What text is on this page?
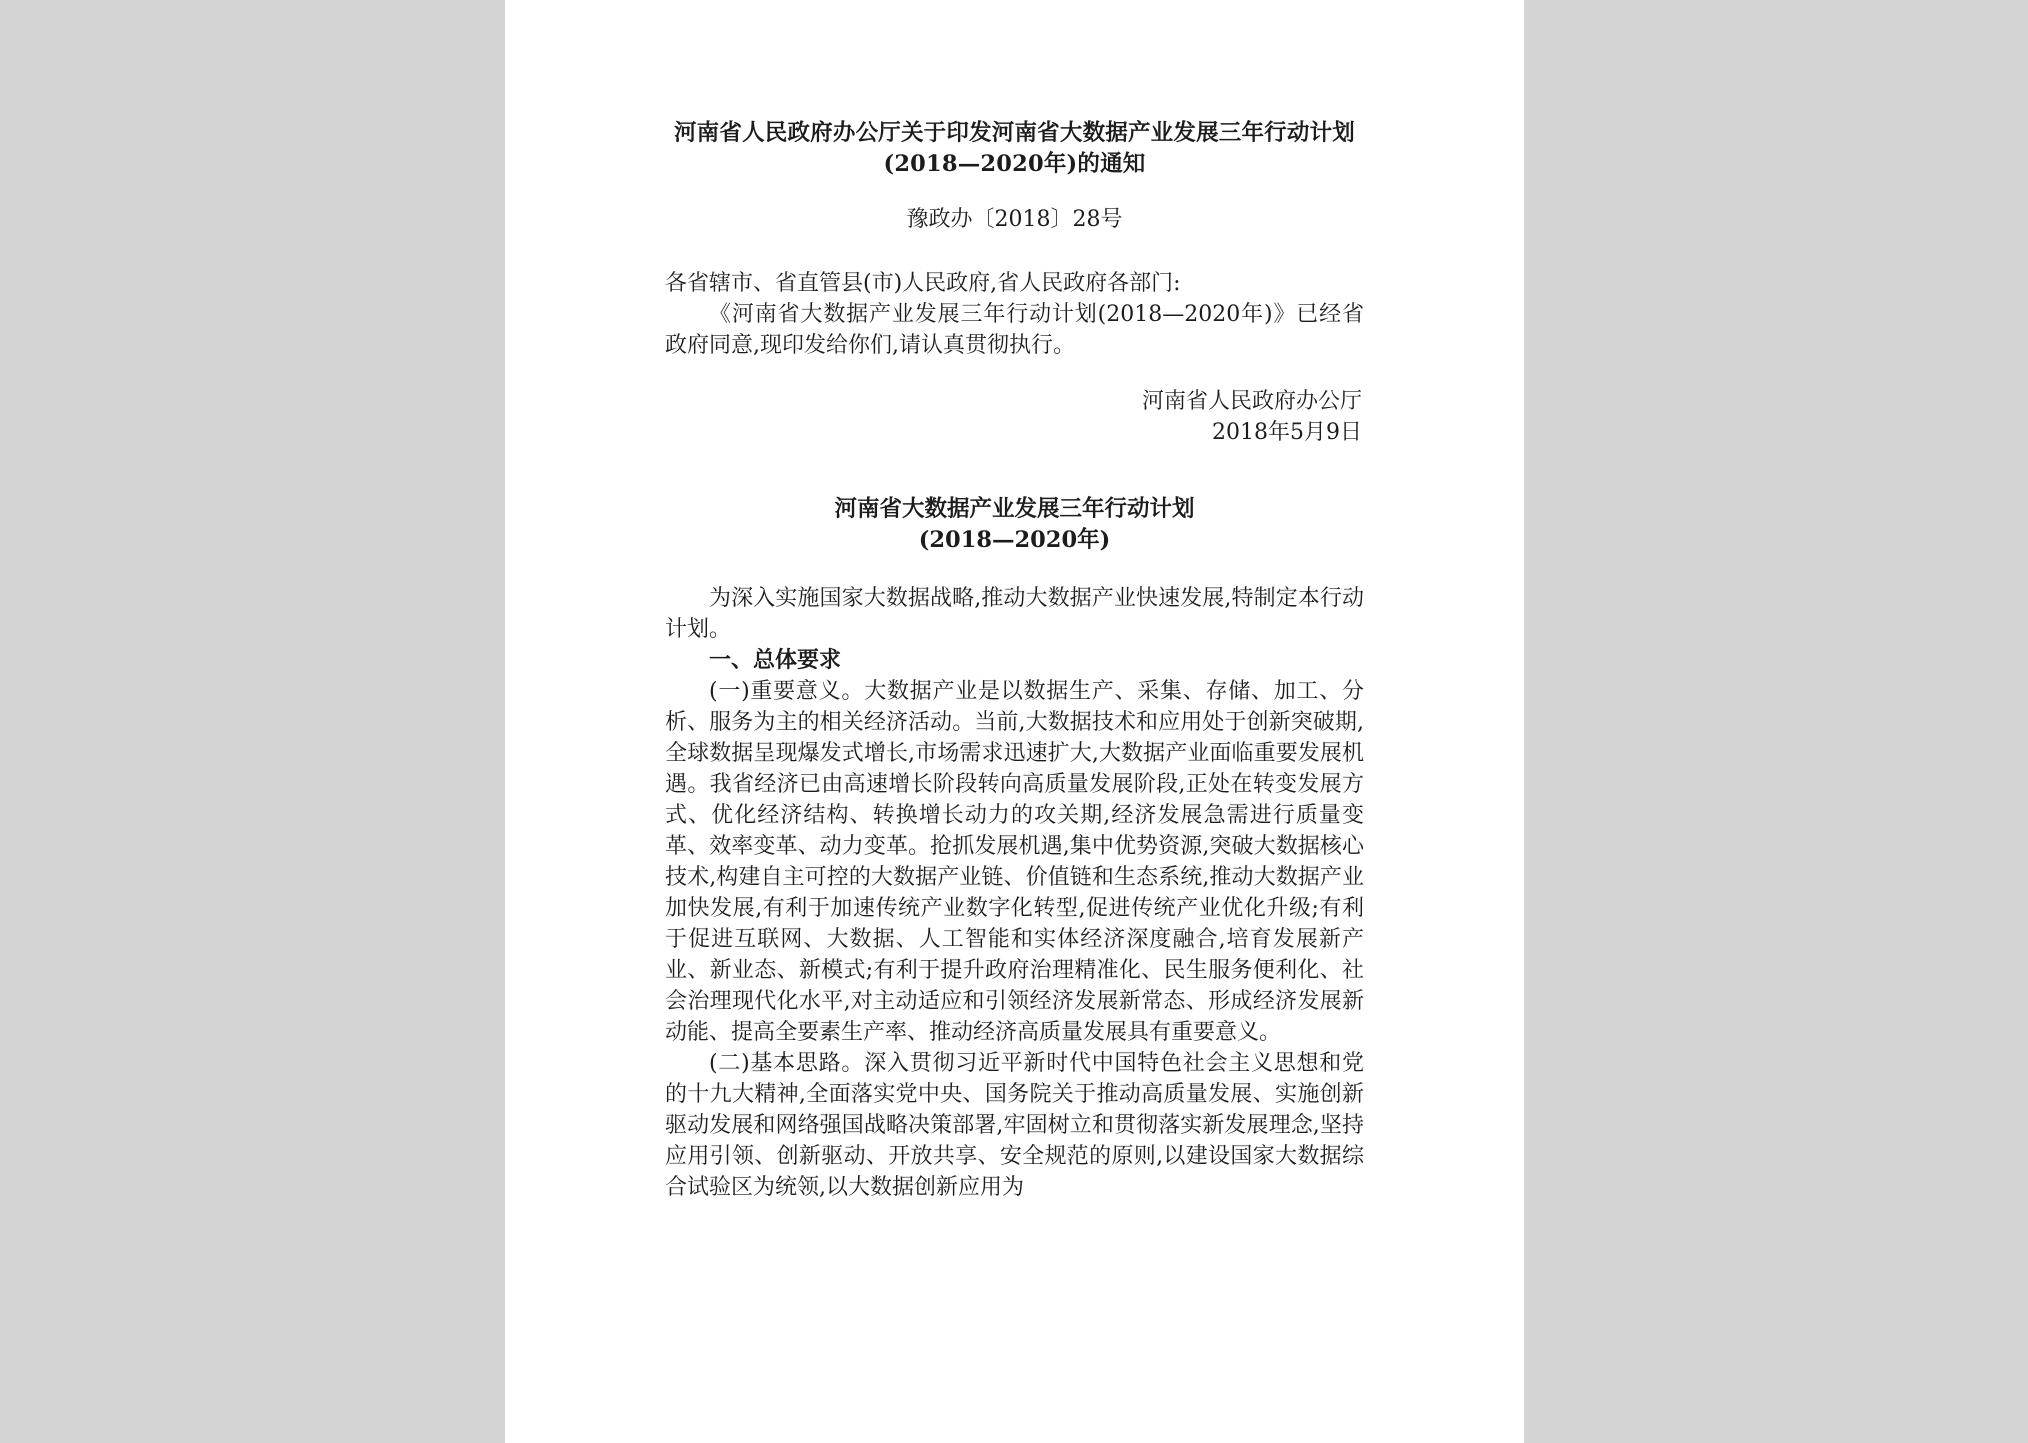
河南省人民政府办公厅关于印发河南省大数据产业发展三年行动计划(2018—2020年)的通知

豫政办〔2018〕28号

各省辖市、省直管县(市)人民政府,省人民政府各部门:

《河南省大数据产业发展三年行动计划(2018—2020年)》已经省政府同意,现印发给你们,请认真贯彻执行。

河南省人民政府办公厅
2018年5月9日
河南省大数据产业发展三年行动计划
(2018—2020年)

为深入实施国家大数据战略,推动大数据产业快速发展,特制定本行动计划。

一、总体要求

(一)重要意义。大数据产业是以数据生产、采集、存储、加工、分析、服务为主的相关经济活动。当前,大数据技术和应用处于创新突破期,全球数据呈现爆发式增长,市场需求迅速扩大,大数据产业面临重要发展机遇。我省经济已由高速增长阶段转向高质量发展阶段,正处在转变发展方式、优化经济结构、转换增长动力的攻关期,经济发展急需进行质量变革、效率变革、动力变革。抢抓发展机遇,集中优势资源,突破大数据核心技术,构建自主可控的大数据产业链、价值链和生态系统,推动大数据产业加快发展,有利于加速传统产业数字化转型,促进传统产业优化升级;有利于促进互联网、大数据、人工智能和实体经济深度融合,培育发展新产业、新业态、新模式;有利于提升政府治理精准化、民生服务便利化、社会治理现代化水平,对主动适应和引领经济发展新常态、形成经济发展新动能、提高全要素生产率、推动经济高质量发展具有重要意义。

(二)基本思路。深入贯彻习近平新时代中国特色社会主义思想和党的十九大精神,全面落实党中央、国务院关于推动高质量发展、实施创新驱动发展和网络强国战略决策部署,牢固树立和贯彻落实新发展理念,坚持应用引领、创新驱动、开放共享、安全规范的原则,以建设国家大数据综合试验区为统领,以大数据创新应用为
